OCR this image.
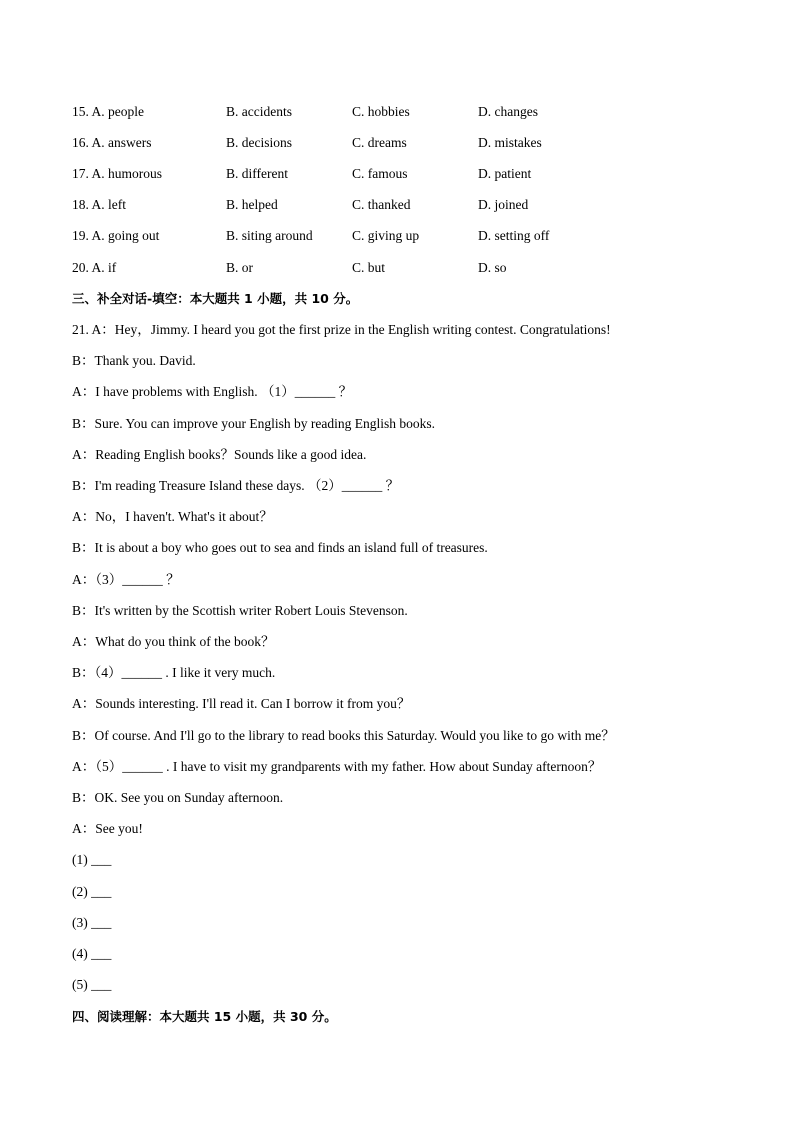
15. A. people	B. accidents	C. hobbies	D. changes
16. A. answers	B. decisions	C. dreams	D. mistakes
17. A. humorous	B. different	C. famous	D. patient
18. A. left	B. helped	C. thanked	D. joined
19. A. going out	B. siting around	C. giving up	D. setting off
20. A. if	B. or	C. but	D. so
三、补全对话-填空：本大题共 1 小题，共 10 分。
21. A：Hey，Jimmy. I heard you got the first prize in the English writing contest. Congratulations!
B：Thank you. David.
A：I have problems with English. （1）______ ？
B：Sure. You can improve your English by reading English books.
A：Reading English books？Sounds like a good idea.
B：I'm reading Treasure Island these days. （2）______ ？
A：No，I haven't. What's it about？
B：It is about a boy who goes out to sea and finds an island full of treasures.
A：（3）______ ？
B：It's written by the Scottish writer Robert Louis Stevenson.
A：What do you think of the book？
B：（4）______ . I like it very much.
A：Sounds interesting. I'll read it. Can I borrow it from you？
B：Of course. And I'll go to the library to read books this Saturday. Would you like to go with me？
A：（5）______ . I have to visit my grandparents with my father. How about Sunday afternoon？
B：OK. See you on Sunday afternoon.
A：See you!
(1) ___
(2) ___
(3) ___
(4) ___
(5) ___
四、阅读理解：本大题共 15 小题，共 30 分。
